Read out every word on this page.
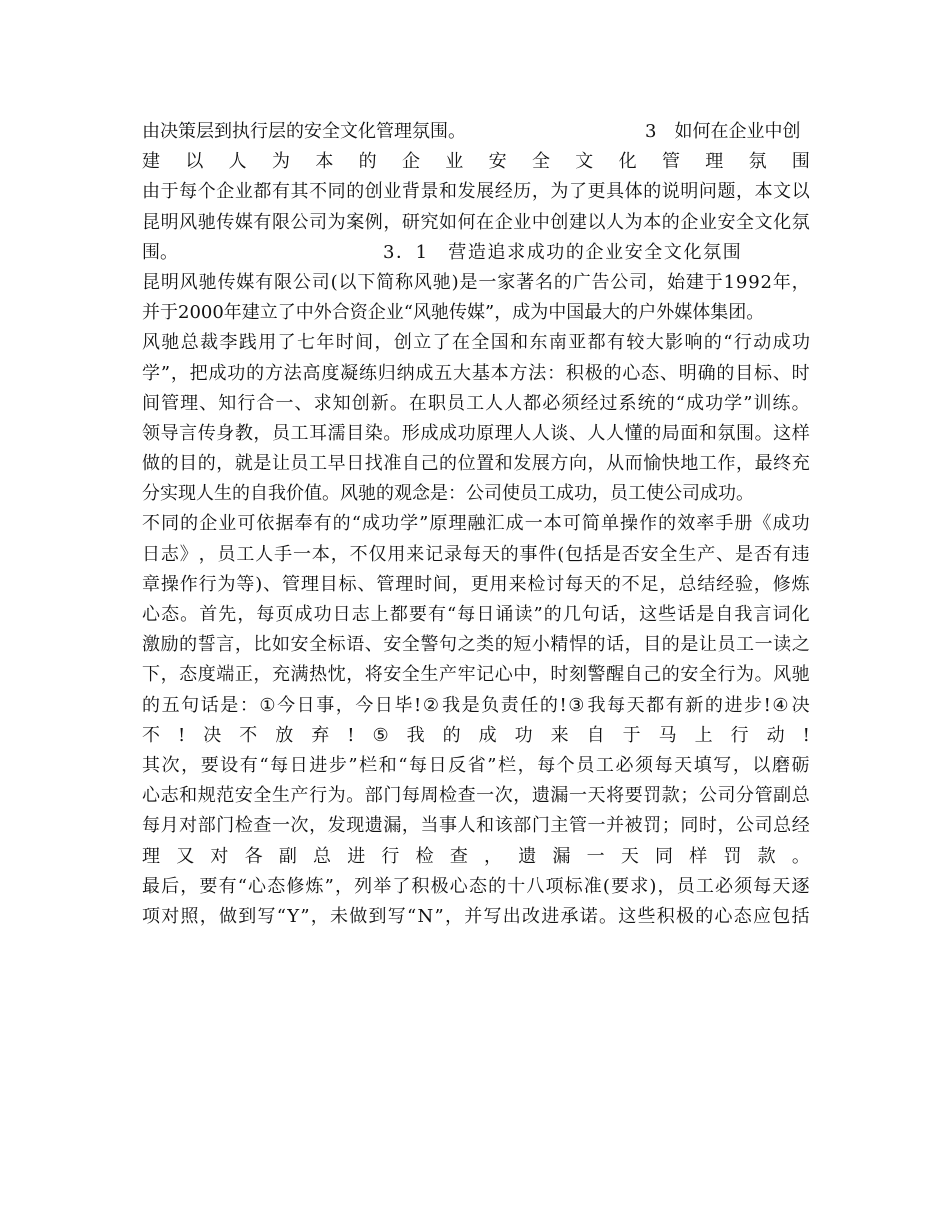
由决策层到执行层的安全文化管理氛围。	3　如何在企业中创
建 以 人 为 本 的 企 业 安 全 文 化 管 理 氛 围
由 于 每 个 企 业 都 有 其 不 同 的 创 业 背 景 和 发 展 经 历 ， 为 了 更 具 体 的 说 明 问 题 ， 本 文 以
昆 明 风 驰 传 媒 有 限 公 司 为 案 例 ， 研 究 如 何 在 企 业 中 创 建 以 人 为 本 的 企 业 安 全 文 化 氛
围。	3．1　营造追求成功的企业安全文化氛围
昆 明 风 驰 传 媒 有 限 公 司 ( 以 下 简 称 风 驰 ) 是 一 家 著 名 的 广 告 公 司 ， 始 建 于 1 9 9 2 年 ，
并于2000年建立了中外合资企业“风驰传媒”，成为中国最大的户外媒体集团。
风 驰 总 裁 李 践 用 了 七 年 时 间 ， 创 立 了 在 全 国 和 东 南 亚 都 有 较 大 影 响 的 “ 行 动 成 功
学 ” ， 把 成 功 的 方 法 高 度 凝 练 归 纳 成 五 大 基 本 方 法 ： 积 极 的 心 态 、 明 确 的 目 标 、 时
间 管 理 、 知 行 合 一 、 求 知 创 新 。 在 职 员 工 人 人 都 必 须 经 过 系 统 的 “ 成 功 学 ” 训 练 。
领 导 言 传 身 教 ， 员 工 耳 濡 目 染 。 形 成 成 功 原 理 人 人 谈 、 人 人 懂 的 局 面 和 氛 围 。 这 样
做 的 目 的 ， 就 是 让 员 工 早 日 找 准 自 己 的 位 置 和 发 展 方 向 ， 从 而 愉 快 地 工 作 ， 最 终 充
分实现人生的自我价值。风驰的观念是：公司使员工成功，员工使公司成功。
不 同 的 企 业 可 依 据 奉 有 的 “ 成 功 学 ” 原 理 融 汇 成 一 本 可 简 单 操 作 的 效 率 手 册 《 成 功
日 志 》 ， 员 工 人 手 一 本 ， 不 仅 用 来 记 录 每 天 的 事 件 ( 包 括 是 否 安 全 生 产 、 是 否 有 违
章 操 作 行 为 等 ) 、 管 理 目 标 、 管 理 时 间 ， 更 用 来 检 讨 每 天 的 不 足 ， 总 结 经 验 ， 修 炼
心 态 。 首 先 ， 每 页 成 功 日 志 上 都 要 有 “ 每 日 诵 读 ” 的 几 句 话 ， 这 些 话 是 自 我 言 词 化
激 励 的 誓 言 ， 比 如 安 全 标 语 、 安 全 警 句 之 类 的 短 小 精 悍 的 话 ， 目 的 是 让 员 工 一 读 之
下 ， 态 度 端 正 ， 充 满 热 忱 ， 将 安 全 生 产 牢 记 心 中 ， 时 刻 警 醒 自 己 的 安 全 行 为 。 风 驰
的 五 句 话 是 ： ① 今 日 事 ， 今 日 毕 ! ② 我 是 负 责 任 的 ! ③ 我 每 天 都 有 新 的 进 步 ! ④ 决
不 ! 决 不 放 弃 ! ⑤ 我 的 成 功 来 自 于 马 上 行 动 !
其 次 ， 要 设 有 “ 每 日 进 步 ” 栏 和 “ 每 日 反 省 ” 栏 ， 每 个 员 工 必 须 每 天 填 写 ， 以 磨 砺
心 志 和 规 范 安 全 生 产 行 为 。 部 门 每 周 检 查 一 次 ， 遗 漏 一 天 将 要 罚 款 ； 公 司 分 管 副 总
每 月 对 部 门 检 查 一 次 ， 发 现 遗 漏 ， 当 事 人 和 该 部 门 主 管 一 并 被 罚 ； 同 时 ， 公 司 总 经
理 又 对 各 副 总 进 行 检 查 ， 遗 漏 一 天 同 样 罚 款 。
最 后 ， 要 有 “ 心 态 修 炼 ” ， 列 举 了 积 极 心 态 的 十 八 项 标 准 ( 要 求 ) ， 员 工 必 须 每 天 逐
项 对 照 ， 做 到 写 “ Y ” ， 未 做 到 写 “ N ” ， 并 写 出 改 进 承 诺 。 这 些 积 极 的 心 态 应 包 括
